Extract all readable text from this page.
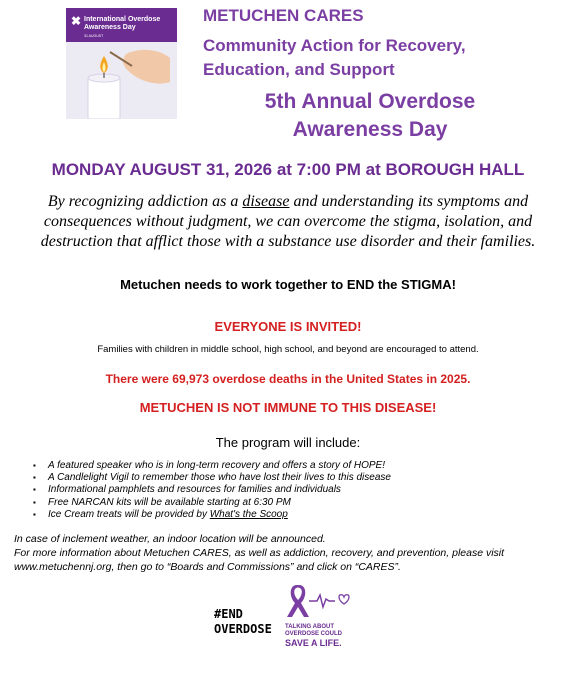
✖ International Overdose Awareness Day
31 AUGUST
METUCHEN CARES
Community Action for Recovery,
Education, and Support
5th Annual Overdose
Awareness Day
MONDAY AUGUST 31, 2026 at 7:00 PM at BOROUGH HALL
By recognizing addiction as a disease and understanding its symptoms and consequences without judgment, we can overcome the stigma, isolation, and destruction that afflict those with a substance use disorder and their families.
Metuchen needs to work together to END the STIGMA!
EVERYONE IS INVITED!
Families with children in middle school, high school, and beyond are encouraged to attend.
There were 69,973 overdose deaths in the United States in 2025.
METUCHEN IS NOT IMMUNE TO THIS DISEASE!
The program will include:
▪ A featured speaker who is in long-term recovery and offers a story of HOPE!
▪ A Candlelight Vigil to remember those who have lost their lives to this disease
▪ Informational pamphlets and resources for families and individuals
▪ Free NARCAN kits will be available starting at 6:30 PM
▪ Ice Cream treats will be provided by What's the Scoop
In case of inclement weather, an indoor location will be announced.
For more information about Metuchen CARES, as well as addiction, recovery, and prevention, please visit www.metuchennj.org, then go to “Boards and Commissions” and click on “CARES”.
#END
OVERDOSE TALKING ABOUT
OVERDOSE COULD
SAVE A LIFE.
